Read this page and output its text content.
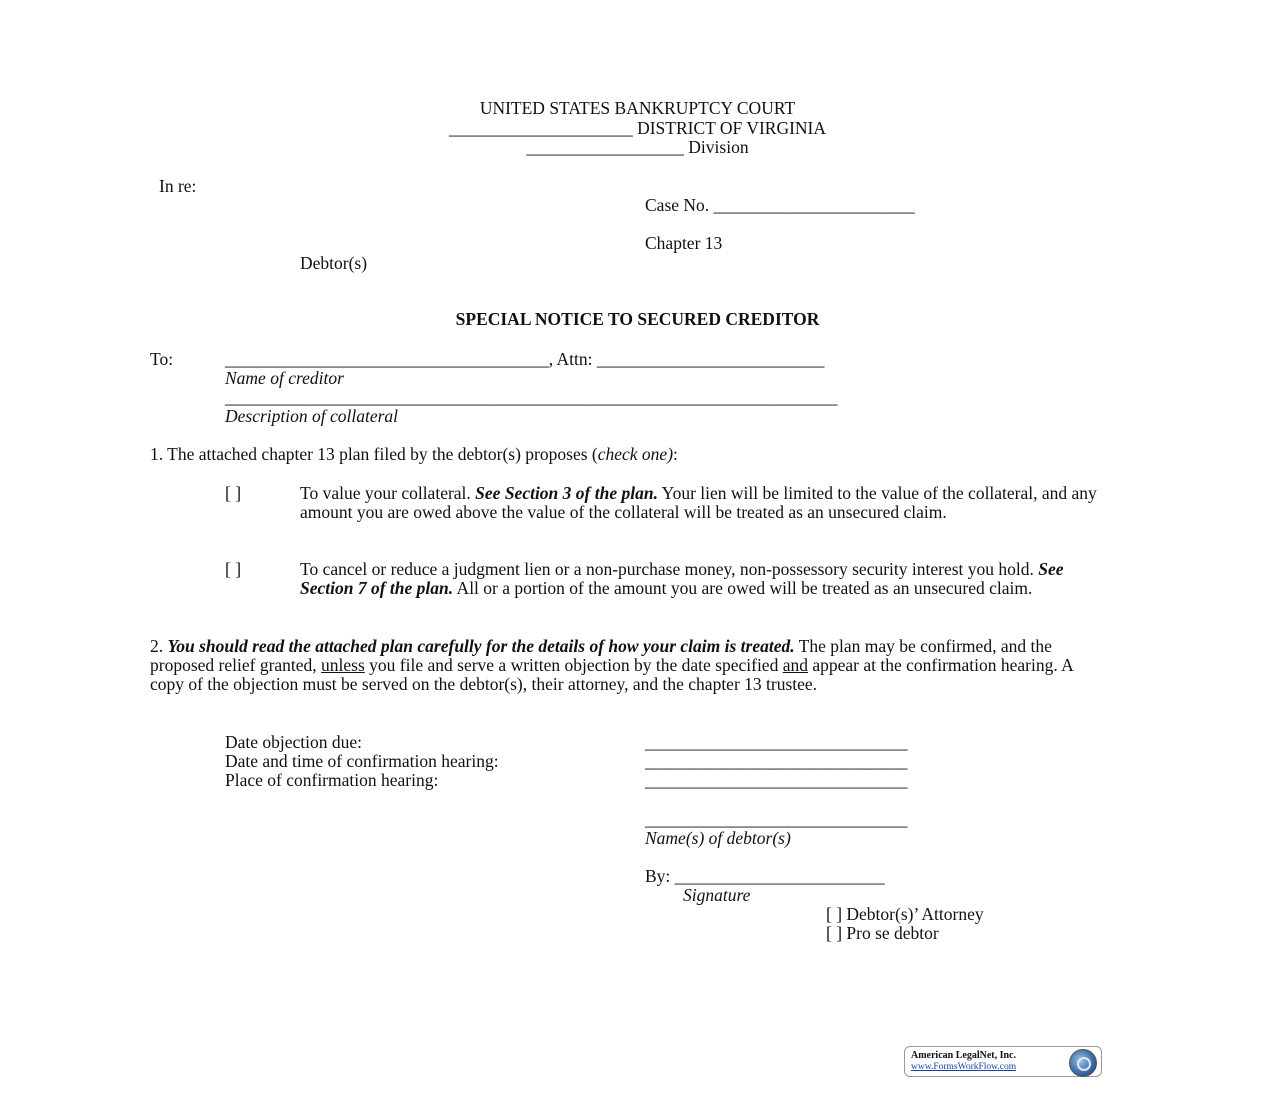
UNITED STATES BANKRUPTCY COURT
_____________________ DISTRICT OF VIRGINIA
__________________ Division
In re:
Case No. _______________________
Chapter 13
Debtor(s)
SPECIAL NOTICE TO SECURED CREDITOR
To:	_____________________________________, Attn: __________________________
Name of creditor
______________________________________________________________________
Description of collateral
1. The attached chapter 13 plan filed by the debtor(s) proposes (check one):
[ ]	To value your collateral. See Section 3 of the plan. Your lien will be limited to the value of the collateral, and any amount you are owed above the value of the collateral will be treated as an unsecured claim.
[ ]	To cancel or reduce a judgment lien or a non-purchase money, non-possessory security interest you hold. See Section 7 of the plan. All or a portion of the amount you are owed will be treated as an unsecured claim.
2. You should read the attached plan carefully for the details of how your claim is treated. The plan may be confirmed, and the proposed relief granted, unless you file and serve a written objection by the date specified and appear at the confirmation hearing. A copy of the objection must be served on the debtor(s), their attorney, and the chapter 13 trustee.
Date objection due:	______________________________
Date and time of confirmation hearing:	______________________________
Place of confirmation hearing:	______________________________
______________________________
Name(s) of debtor(s)
By: ________________________
Signature
[ ] Debtor(s)’ Attorney
[ ] Pro se debtor
American LegalNet, Inc.
www.FormsWorkFlow.com
